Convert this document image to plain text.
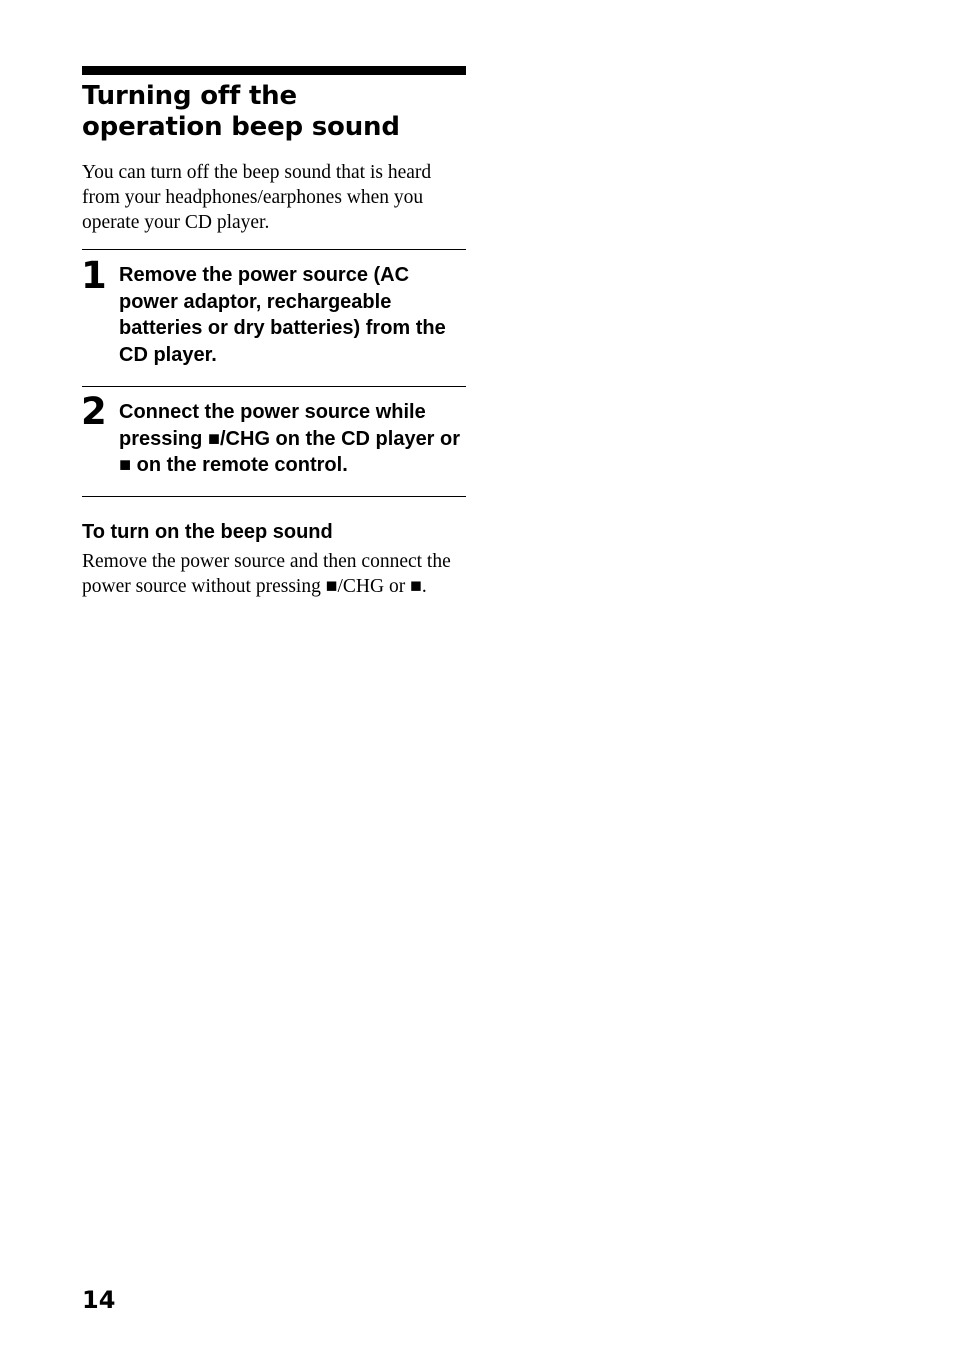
Turning off the
operation beep sound

You can turn off the beep sound that is heard from your headphones/earphones when you operate your CD player.

1 Remove the power source (AC power adaptor, rechargeable batteries or dry batteries) from the CD player.
2 Connect the power source while pressing ■/CHG on the CD player or ■ on the remote control.
To turn on the beep sound

Remove the power source and then connect the power source without pressing ■/CHG or ■.

14
